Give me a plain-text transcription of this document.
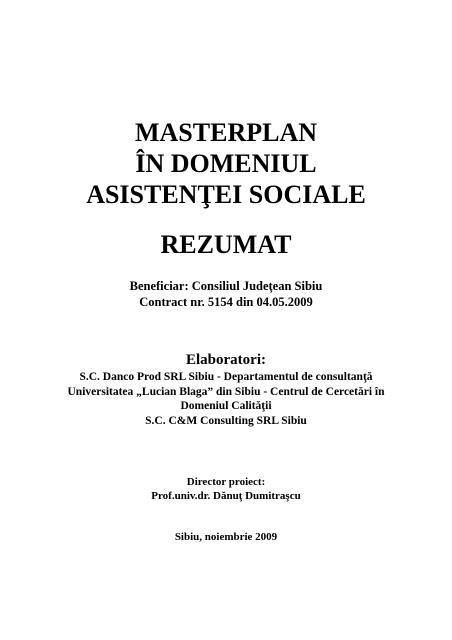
MASTERPLAN
ÎN DOMENIUL
ASISTENŢEI SOCIALE
REZUMAT
Beneficiar: Consiliul Judeţean Sibiu
Contract nr. 5154 din 04.05.2009
Elaboratori:
S.C. Danco Prod SRL Sibiu - Departamentul de consultanţă
Universitatea „Lucian Blaga” din Sibiu - Centrul de Cercetări în
Domeniul Calităţii
S.C. C&M Consulting SRL Sibiu
Director proiect:
Prof.univ.dr. Dănuţ Dumitraşcu
Sibiu, noiembrie 2009
